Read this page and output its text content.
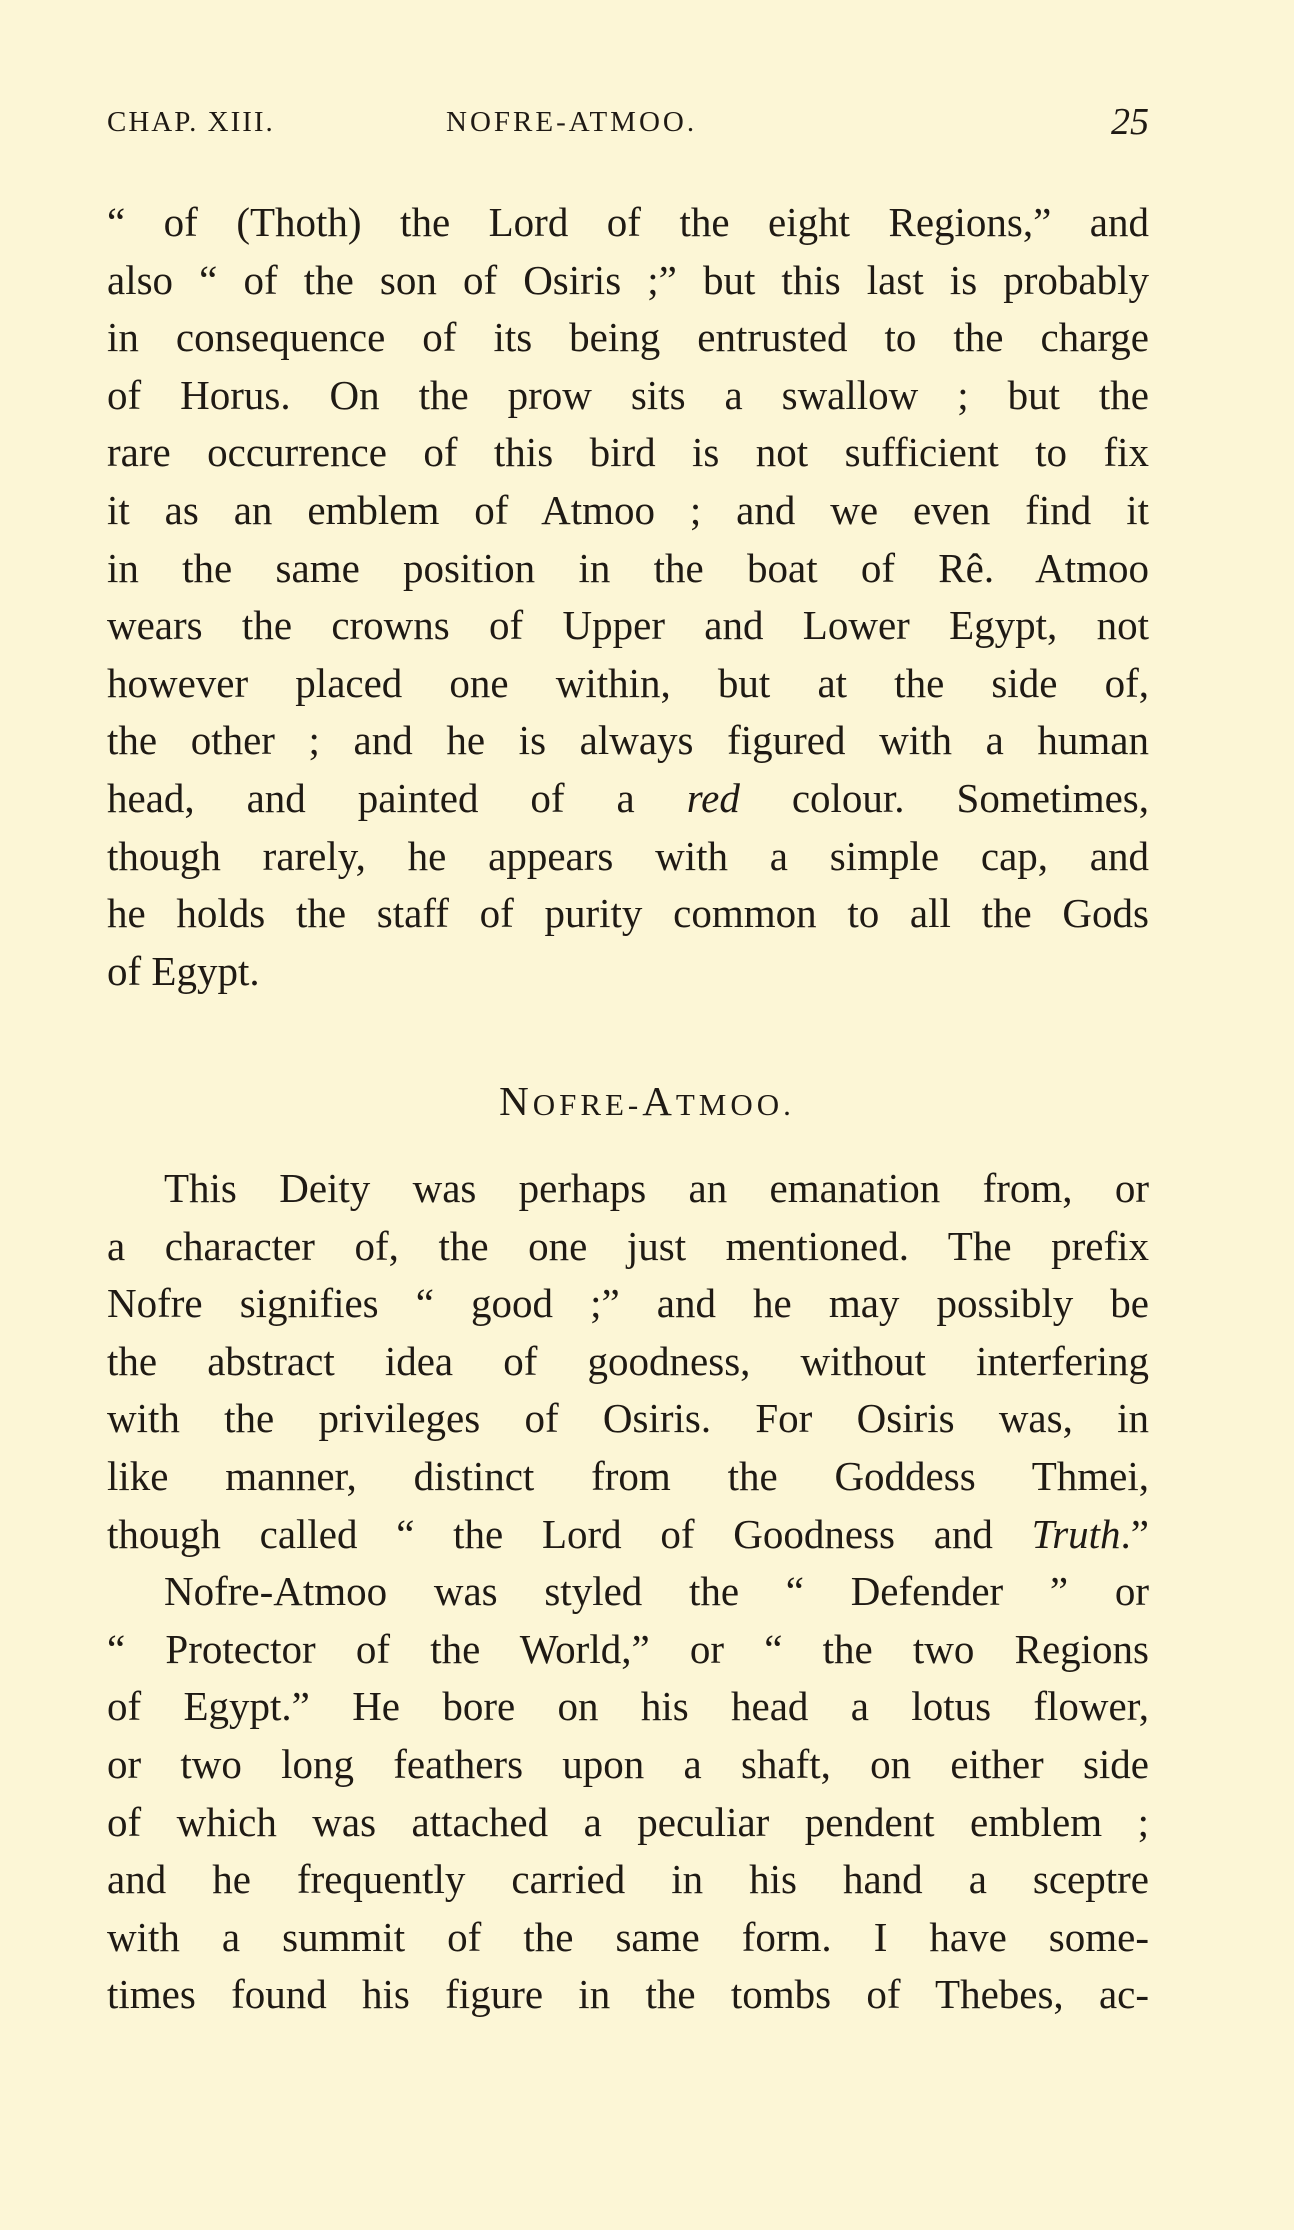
CHAP. XIII.	NOFRE-ATMOO.	25
“ of (Thoth) the Lord of the eight Regions,” and
also “ of the son of Osiris ;” but this last is probably
in consequence of its being entrusted to the charge
of Horus. On the prow sits a swallow ; but the
rare occurrence of this bird is not sufficient to fix
it as an emblem of Atmoo ; and we even find it
in the same position in the boat of Rê. Atmoo
wears the crowns of Upper and Lower Egypt, not
however placed one within, but at the side of,
the other ; and he is always figured with a human
head, and painted of a red colour. Sometimes,
though rarely, he appears with a simple cap, and
he holds the staff of purity common to all the Gods
of Egypt.
NOFRE-ATMOO.
This Deity was perhaps an emanation from, or
a character of, the one just mentioned. The prefix
Nofre signifies “ good ;” and he may possibly be
the abstract idea of goodness, without interfering
with the privileges of Osiris. For Osiris was, in
like manner, distinct from the Goddess Thmei,
though called “ the Lord of Goodness and Truth.”
Nofre-Atmoo was styled the “ Defender ” or
“ Protector of the World,” or “ the two Regions
of Egypt.” He bore on his head a lotus flower,
or two long feathers upon a shaft, on either side
of which was attached a peculiar pendent emblem ;
and he frequently carried in his hand a sceptre
with a summit of the same form. I have some-
times found his figure in the tombs of Thebes, ac-
